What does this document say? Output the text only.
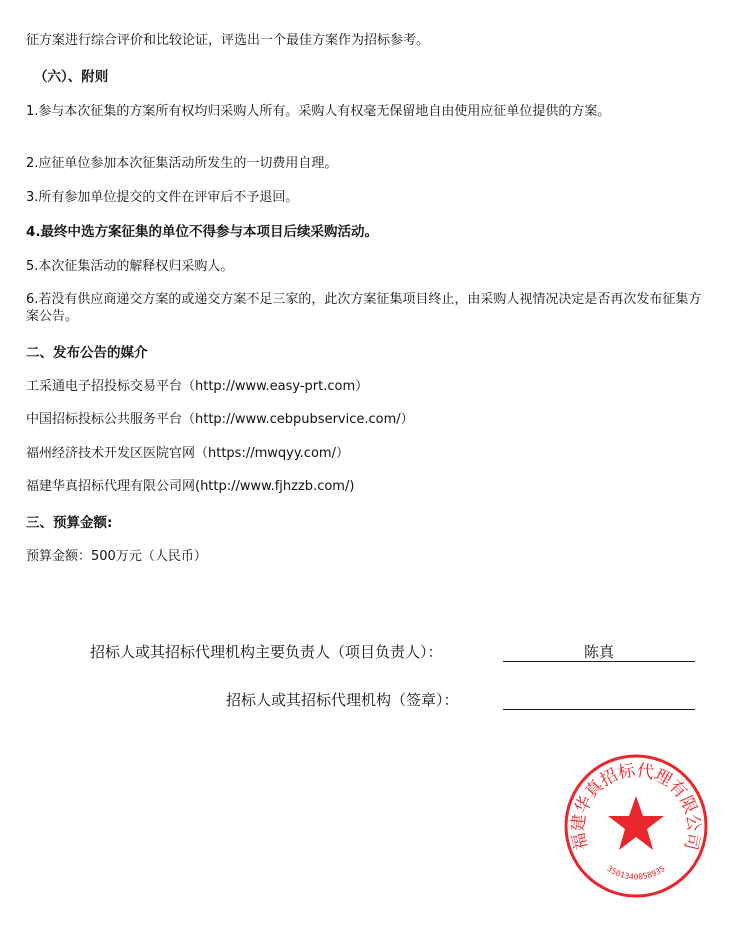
征方案进行综合评价和比较论证，评选出一个最佳方案作为招标参考。
（六）、附则
1.参与本次征集的方案所有权均归采购人所有。采购人有权毫无保留地自由使用应征单位提供的方案。
2.应征单位参加本次征集活动所发生的一切费用自理。
3.所有参加单位提交的文件在评审后不予退回。
4.最终中选方案征集的单位不得参与本项目后续采购活动。
5.本次征集活动的解释权归采购人。
6.若没有供应商递交方案的或递交方案不足三家的，此次方案征集项目终止，由采购人视情况决定是否再次发布征集方案公告。
二、发布公告的媒介
工采通电子招投标交易平台（http://www.easy-prt.com）
中国招标投标公共服务平台（http://www.cebpubservice.com/）
福州经济技术开发区医院官网（https://mwqyy.com/）
福建华真招标代理有限公司网(http://www.fjhzzb.com/)
三、预算金额:
预算金额：500万元（人民币）
招标人或其招标代理机构主要负责人（项目负责人）：	陈真
招标人或其招标代理机构（签章）：
福建华真招标代理有限公司
3501340058935
